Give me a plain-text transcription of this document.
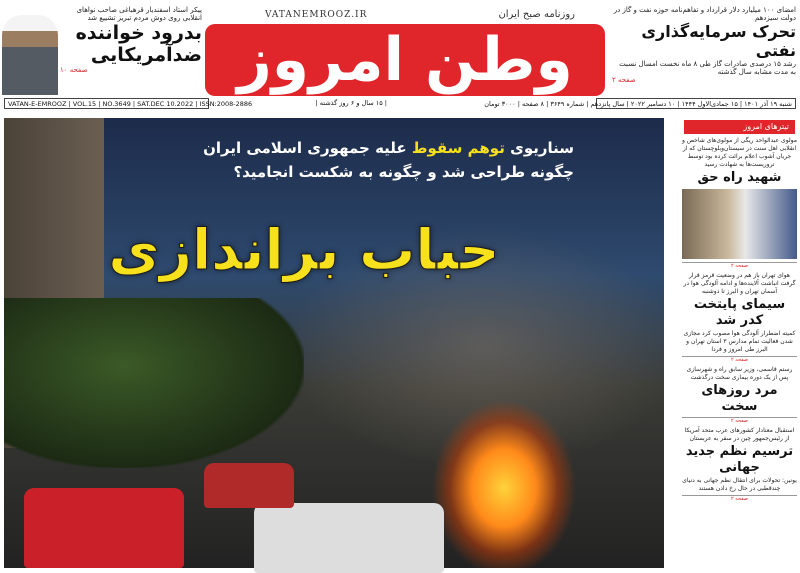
پیکر استاد اسفندیار قرهباغی صاحب نواهای انقلابی روی دوش مردم تبریز تشییع شد
بدرود خواننده ضدآمریکایی
صفحه ۱۰
VATANEMROOZ.IR	روزنامه صبح ایران
وطن امروز
امضای ۱۰۰ میلیارد دلار قرارداد و تفاهم‌نامه حوزه نفت و گاز در دولت سیزدهم
تحرک سرمایه‌گذاری نفتی
رشد ۱۵ درصدی صادرات گاز طی ۸ ماه نخست امسال نسبت به مدت مشابه سال گذشته
صفحه ۲
VATAN-E-EMROOZ | VOL.15 | NO.3649 | SAT.DEC 10.2022 | ISSN:2008-2886	| ۱۵ سال و ۶ روز گذشته |	شنبه ۱۹ آذر ۱۴۰۱ | ۱۵ جمادی‌الاول ۱۴۴۴ | ۱۰ دسامبر ۲۰۲۲ | سال پانزدهم | شماره ۳۶۴۹ | ۸ صفحه | ۳۰۰۰ تومان
سناریوی توهم سقوط علیه جمهوری اسلامی ایران
چگونه طراحی شد و چگونه به شکست انجامید؟
حباب براندازی
تیترهای امروز
مولوی عبدالواحد ریگی از مولوی‌های شاخص و انقلابی اهل سنت در سیستان‌وبلوچستان که از جریان آشوب اعلام برائت کرده بود توسط تروریست‌ها به شهادت رسید
شهید راه حق
صفحه ۲
هوای تهران باز هم در وضعیت قرمز قرار گرفت انباشت آلاینده‌ها و ادامه آلودگی هوا در آسمان تهران و البرز تا دوشنبه
سیمای پایتخت کدر شد
کمیته اضطرار آلودگی هوا مصوب کرد مجازی شدن فعالیت تمام مدارس ۳ استان تهران و البرز طی امروز و فردا
صفحه ۲
رستم قاسمی، وزیر سابق راه و شهرسازی پس از یک دوره بیماری سخت درگذشت
مرد روزهای سخت
صفحه ۲
استقبال معنادار کشورهای عرب متحد آمریکا از رئیس‌جمهور چین در سفر به عربستان
ترسیم نظم جدید جهانی
یونین: تحولات برای انتقال نظم جهانی به دنیای چندقطبی در حال رخ دادن هستند
صفحه ۲
